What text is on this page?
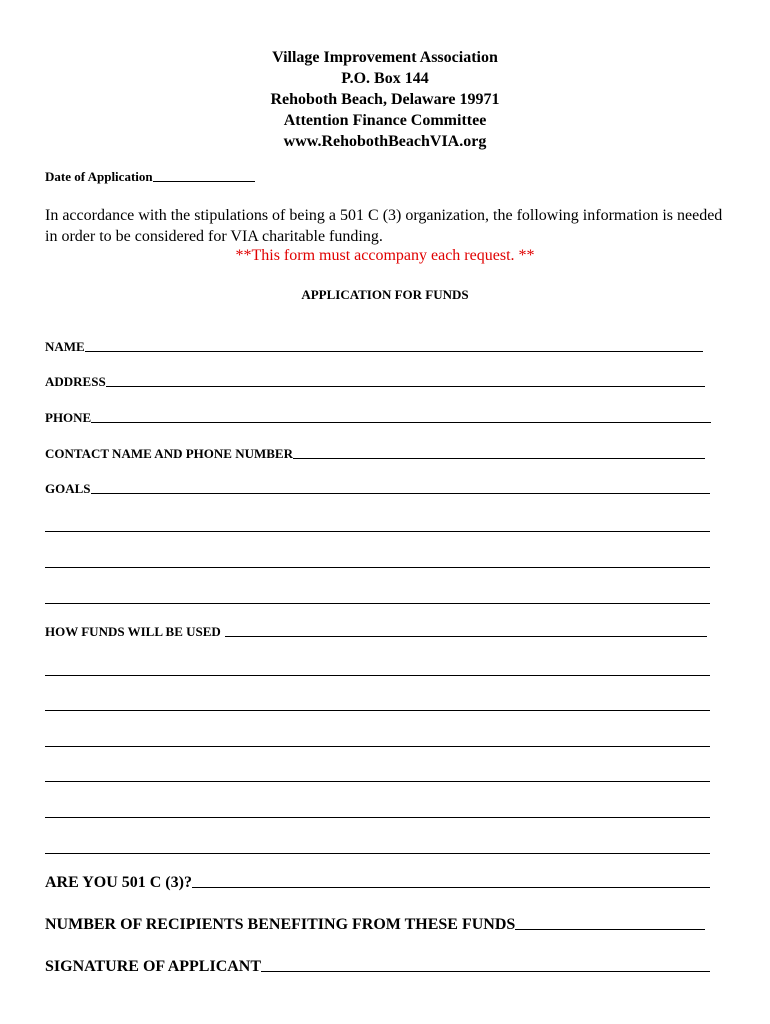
Village Improvement Association
P.O. Box 144
Rehoboth Beach, Delaware 19971
Attention Finance Committee
www.RehobothBeachVIA.org
Date of Application
In accordance with the stipulations of being a 501 C (3) organization, the following information is needed in order to be considered for VIA charitable funding.
**This form must accompany each request. **
APPLICATION FOR FUNDS
NAME
ADDRESS
PHONE
CONTACT NAME AND PHONE NUMBER
GOALS
HOW FUNDS WILL BE USED
ARE YOU 501 C (3)?
NUMBER OF RECIPIENTS BENEFITING FROM THESE FUNDS
SIGNATURE OF APPLICANT
